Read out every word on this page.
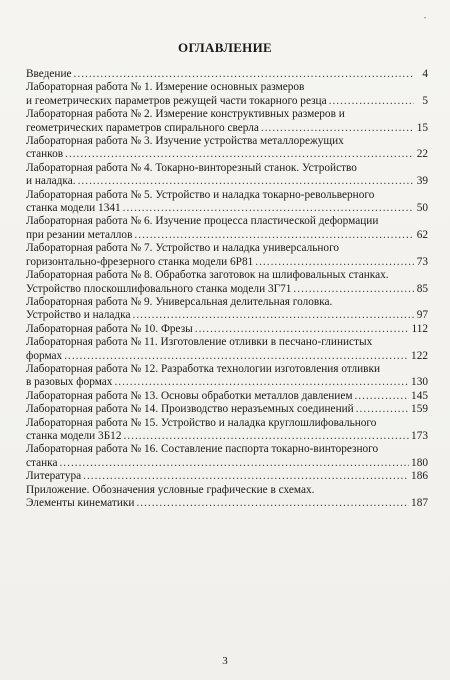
•
ОГЛАВЛЕНИЕ
Введение .....	4
Лабораторная работа № 1. Измерение основных размеров
и геометрических параметров режущей части токарного резца .....	5
Лабораторная работа № 2. Измерение конструктивных размеров и
геометрических параметров спирального сверла .....	15
Лабораторная работа № 3. Изучение устройства металлорежущих
станков .....	22
Лабораторная работа № 4. Токарно-винторезный станок. Устройство
и наладка. .....	39
Лабораторная работа № 5. Устройство и наладка токарно-револьверного
станка модели 1341 .....	50
Лабораторная работа № 6. Изучение процесса пластической деформации
при резании металлов .....	62
Лабораторная работа № 7. Устройство и наладка универсального
горизонтально-фрезерного станка модели 6Р81 .....	73
Лабораторная работа № 8. Обработка заготовок на шлифовальных станках.
Устройство плоскошлифовального станка модели 3Г71 .....	85
Лабораторная работа № 9. Универсальная делительная головка.
Устройство и наладка .....	97
Лабораторная работа № 10. Фрезы .....	112
Лабораторная работа № 11. Изготовление отливки в песчано-глинистых
формах .....	122
Лабораторная работа № 12. Разработка технологии изготовления отливки
в разовых формах .....	130
Лабораторная работа № 13. Основы обработки металлов давлением .....	145
Лабораторная работа № 14. Производство неразъемных соединений .....	159
Лабораторная работа № 15. Устройство и наладка круглошлифовального
станка модели 3Б12 .....	173
Лабораторная работа № 16. Составление паспорта токарно-винторезного
станка .....	180
Литература .....	186
Приложение. Обозначения условные графические в схемах.
Элементы кинематики .....	187
3
